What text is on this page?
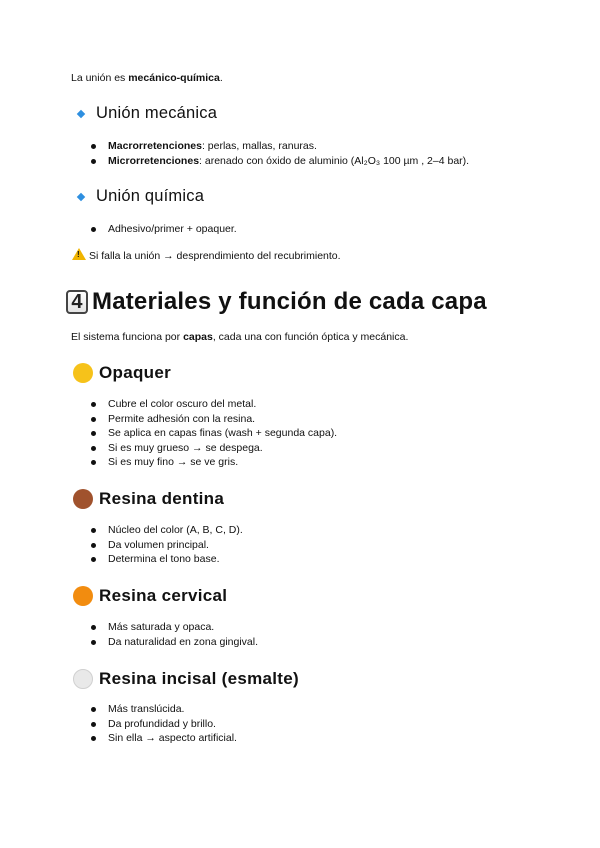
La unión es mecánico-química.
Unión mecánica
Macrorretenciones: perlas, mallas, ranuras.
Microrretenciones: arenado con óxido de aluminio (Al₂O₃ 100 µm , 2–4 bar).
Unión química
Adhesivo/primer + opaquer.
! Si falla la unión → desprendimiento del recubrimiento.
4 Materiales y función de cada capa
El sistema funciona por capas, cada una con función óptica y mecánica.
Opaquer
Cubre el color oscuro del metal.
Permite adhesión con la resina.
Se aplica en capas finas (wash + segunda capa).
Si es muy grueso → se despega.
Si es muy fino → se ve gris.
Resina dentina
Núcleo del color (A, B, C, D).
Da volumen principal.
Determina el tono base.
Resina cervical
Más saturada y opaca.
Da naturalidad en zona gingival.
Resina incisal (esmalte)
Más translúcida.
Da profundidad y brillo.
Sin ella → aspecto artificial.
